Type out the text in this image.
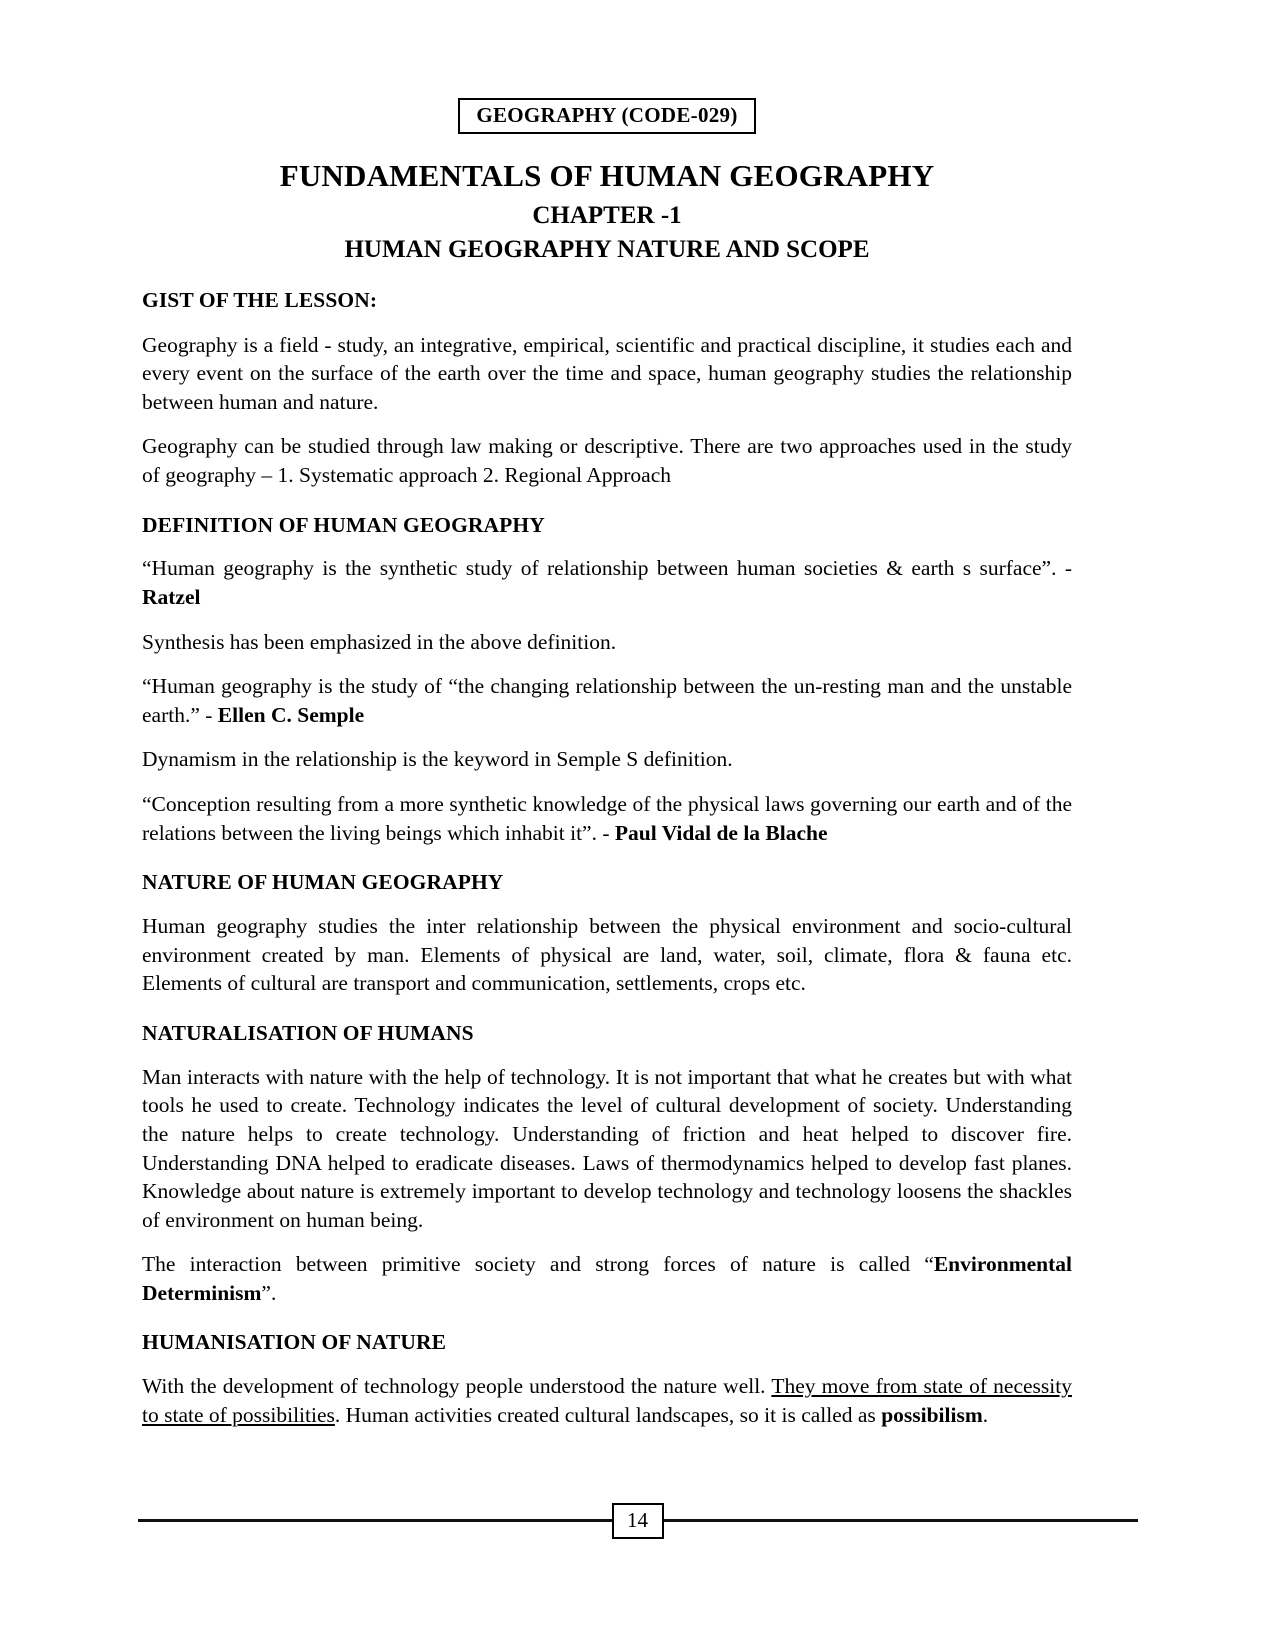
GEOGRAPHY (CODE-029)
FUNDAMENTALS OF HUMAN GEOGRAPHY
CHAPTER -1
HUMAN GEOGRAPHY NATURE AND SCOPE
GIST OF THE LESSON:

Geography is a field - study, an integrative, empirical, scientific and practical discipline, it studies each and every event on the surface of the earth over the time and space, human geography studies the relationship between human and nature.

Geography can be studied through law making or descriptive. There are two approaches used in the study of geography – 1. Systematic approach 2. Regional Approach

DEFINITION OF HUMAN GEOGRAPHY

“Human geography is the synthetic study of relationship between human societies & earth s surface”. -Ratzel

Synthesis has been emphasized in the above definition.

“Human geography is the study of “the changing relationship between the un-resting man and the unstable earth.” - Ellen C. Semple

Dynamism in the relationship is the keyword in Semple S definition.

“Conception resulting from a more synthetic knowledge of the physical laws governing our earth and of the relations between the living beings which inhabit it”. - Paul Vidal de la Blache

NATURE OF HUMAN GEOGRAPHY

Human geography studies the inter relationship between the physical environment and socio-cultural environment created by man. Elements of physical are land, water, soil, climate, flora & fauna etc. Elements of cultural are transport and communication, settlements, crops etc.

NATURALISATION OF HUMANS

Man interacts with nature with the help of technology. It is not important that what he creates but with what tools he used to create. Technology indicates the level of cultural development of society. Understanding the nature helps to create technology. Understanding of friction and heat helped to discover fire. Understanding DNA helped to eradicate diseases. Laws of thermodynamics helped to develop fast planes. Knowledge about nature is extremely important to develop technology and technology loosens the shackles of environment on human being.

The interaction between primitive society and strong forces of nature is called “Environmental Determinism”.

HUMANISATION OF NATURE

With the development of technology people understood the nature well. They move from state of necessity to state of possibilities. Human activities created cultural landscapes, so it is called as possibilism.

14
